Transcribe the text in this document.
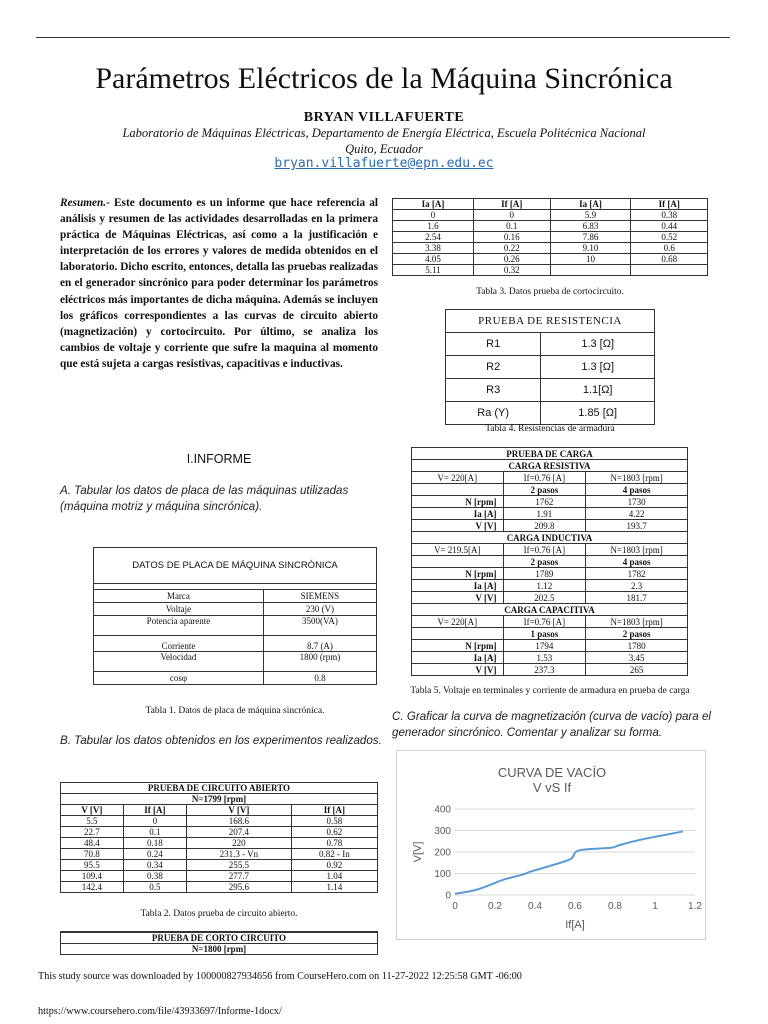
Parámetros Eléctricos de la Máquina Sincrónica
BRYAN VILLAFUERTE
Laboratorio de Máquinas Eléctricas, Departamento de Energía Eléctrica, Escuela Politécnica Nacional
Quito, Ecuador
bryan.villafuerte@epn.edu.ec
Resumen.- Este documento es un informe que hace referencia al análisis y resumen de las actividades desarrolladas en la primera práctica de Máquinas Eléctricas, así como a la justificación e interpretación de los errores y valores de medida obtenidos en el laboratorio. Dicho escrito, entonces, detalla las pruebas realizadas en el generador sincrónico para poder determinar los parámetros eléctricos más importantes de dicha máquina. Además se incluyen los gráficos correspondientes a las curvas de circuito abierto (magnetización) y cortocircuito. Por último, se analiza los cambios de voltaje y corriente que sufre la maquina al momento que está sujeta a cargas resistivas, capacitivas e inductivas.
I.INFORME
A. Tabular los datos de placa de las máquinas utilizadas (máquina motriz y máquina sincrónica).
DATOS DE PLACA DE MÁQUINA SINCRÓNICA	

Marca	SIEMENS
Voltaje	230 (V)
Potencia aparente	3500(VA)
Corriente	8.7 (A)
Velocidad	1800 (rpm)
cosφ	0.8
Tabla 1. Datos de placa de máquina sincrónica.
B. Tabular los datos obtenidos en los experimentos realizados.
PRUEBA DE CIRCUITO ABIERTO			
N=1799 [rpm]			
V [V]	If [A]	V [V]	If [A]
5.5	0	168.6	0.58
22.7	0.1	207.4	0.62
48.4	0.18	220	0.78
70.8	0.24	231.3 - Vn	0.82 - In
95.5	0.34	255.5	0.92
109.4	0.38	277.7	1.04
142.4	0.5	295.6	1.14
Tabla 2. Datos prueba de circuito abierto.
PRUEBA DE CORTO CIRCUITO
N=1800 [rpm]
Ia [A]	If [A]	Ia [A]	If [A]
0	0	5.9	0.38
1.6	0.1	6.83	0.44
2.54	0.16	7.86	0.52
3.38	0.22	9.10	0.6
4.05	0.26	10	0.68
5.11	0.32		
Tabla 3. Datos prueba de cortocircuito.
PRUEBA DE RESISTENCIA	
R1	1.3 [Ω]
R2	1.3 [Ω]
R3	1.1[Ω]
Ra (Y)	1.85 [Ω]
Tabla 4. Resistencias de armadura
PRUEBA DE CARGA		
CARGA RESISTIVA		
V= 220[A]	If=0.76 [A]	N=1803 [rpm]
	2 pasos	4 pasos
N [rpm]	1762	1730
Ia [A]	1.91	4.22
V [V]	209.8	193.7
CARGA INDUCTIVA		
V= 219.5[A]	If=0.76 [A]	N=1803 [rpm]
	2 pasos	4 pasos
N [rpm]	1789	1782
Ia [A]	1.12	2.3
V [V]	202.5	181.7
CARGA CAPACITIVA		
V= 220[A]	If=0.76 [A]	N=1803 [rpm]
	1 pasos	2 pasos
N [rpm]	1794	1780
Ia [A]	1.53	3.45
V [V]	237.3	265
Tabla 5. Voltaje en terminales y corriente de armadura en prueba de carga
C. Graficar la curva de magnetización (curva de vacío) para el generador sincrónico. Comentar y analizar su forma.
CURVA DE VACÍO
V vS If
0
100
200
300
400
0	0.2	0.4	0.6	0.8	1	1.2
If[A]
V[V]
This study source was downloaded by 100000827934656 from CourseHero.com on 11-27-2022 12:25:58 GMT -06:00
https://www.coursehero.com/file/43933697/Informe-1docx/
